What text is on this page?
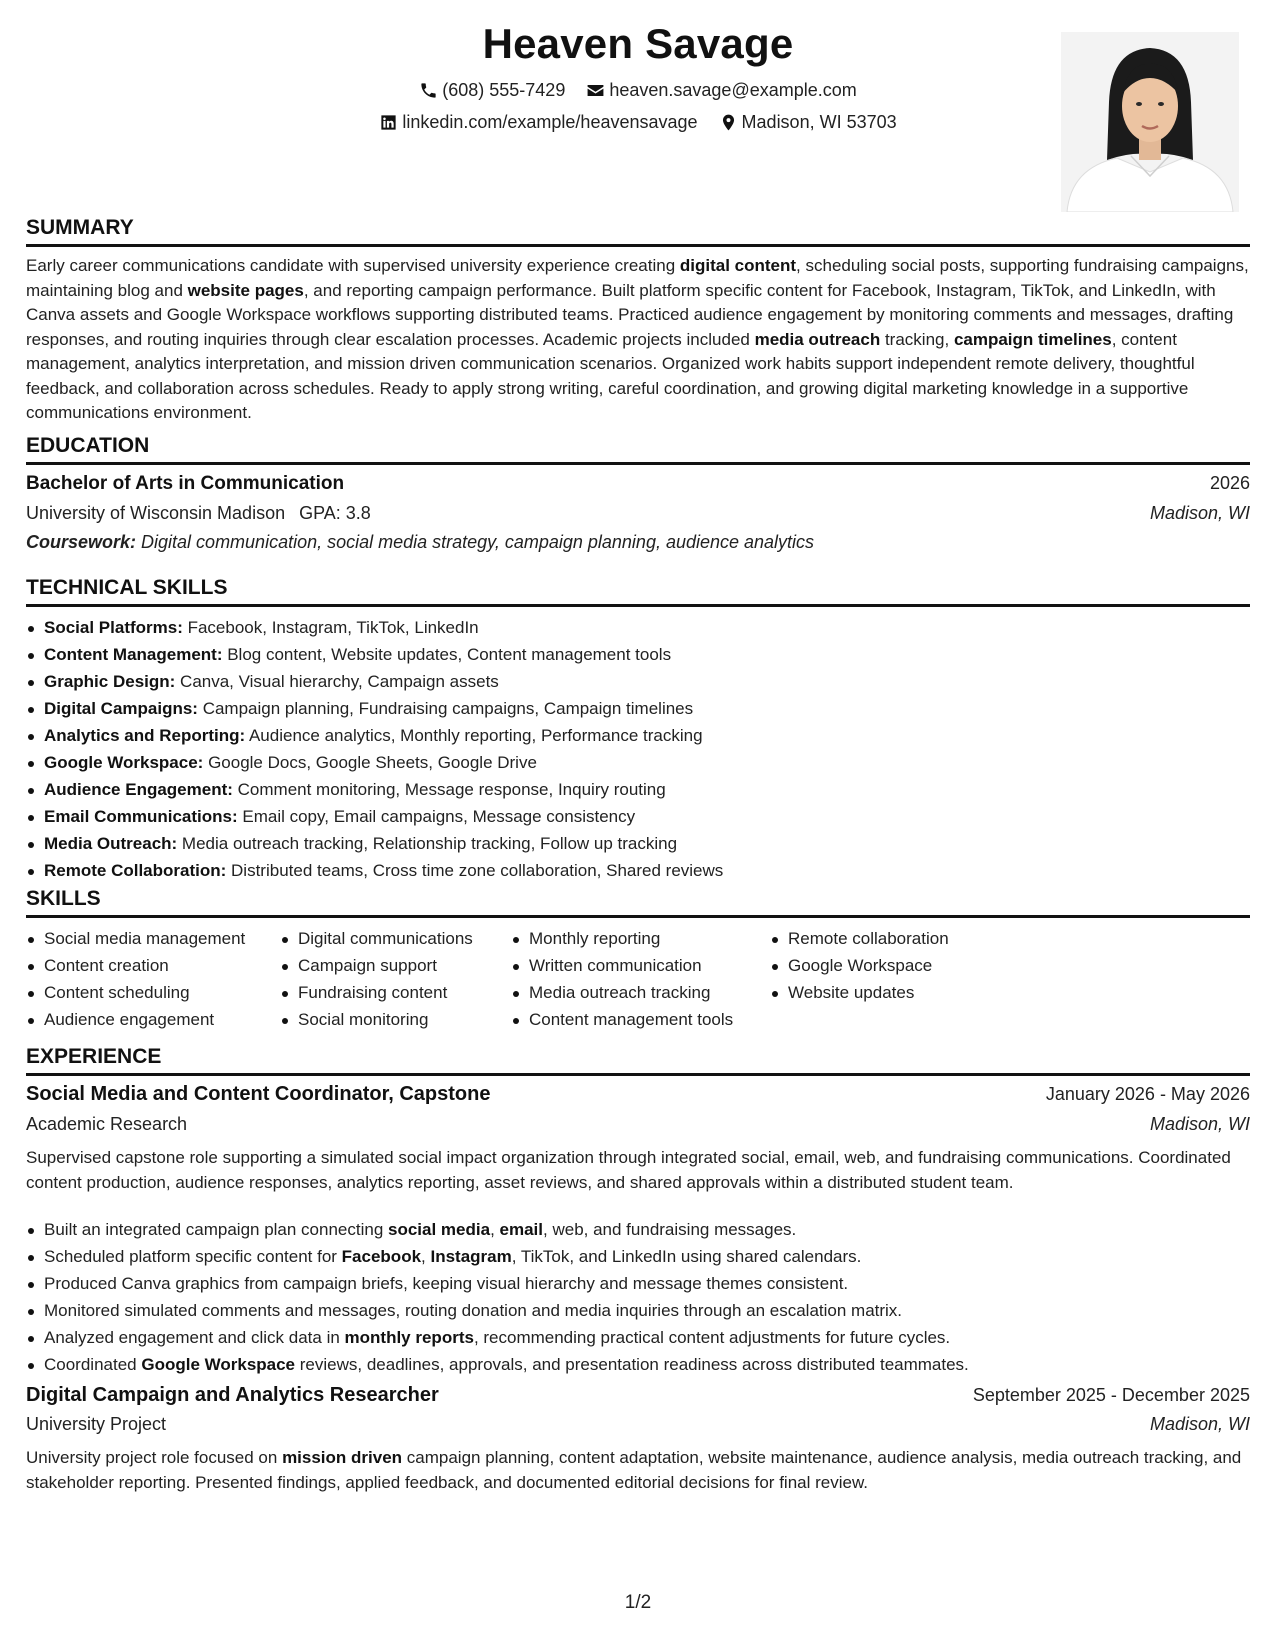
Heaven Savage
(608) 555-7429
heaven.savage@example.com
linkedin.com/example/heavensavage
Madison, WI 53703
SUMMARY
Early career communications candidate with supervised university experience creating digital content, scheduling social posts, supporting fundraising campaigns, maintaining blog and website pages, and reporting campaign performance. Built platform specific content for Facebook, Instagram, TikTok, and LinkedIn, with Canva assets and Google Workspace workflows supporting distributed teams. Practiced audience engagement by monitoring comments and messages, drafting responses, and routing inquiries through clear escalation processes. Academic projects included media outreach tracking, campaign timelines, content management, analytics interpretation, and mission driven communication scenarios. Organized work habits support independent remote delivery, thoughtful feedback, and collaboration across schedules. Ready to apply strong writing, careful coordination, and growing digital marketing knowledge in a supportive communications environment.
EDUCATION
Bachelor of Arts in Communication	2026
University of Wisconsin Madison GPA: 3.8	Madison, WI
Coursework: Digital communication, social media strategy, campaign planning, audience analytics
TECHNICAL SKILLS
Social Platforms: Facebook, Instagram, TikTok, LinkedIn
Content Management: Blog content, Website updates, Content management tools
Graphic Design: Canva, Visual hierarchy, Campaign assets
Digital Campaigns: Campaign planning, Fundraising campaigns, Campaign timelines
Analytics and Reporting: Audience analytics, Monthly reporting, Performance tracking
Google Workspace: Google Docs, Google Sheets, Google Drive
Audience Engagement: Comment monitoring, Message response, Inquiry routing
Email Communications: Email copy, Email campaigns, Message consistency
Media Outreach: Media outreach tracking, Relationship tracking, Follow up tracking
Remote Collaboration: Distributed teams, Cross time zone collaboration, Shared reviews
SKILLS
Social media management
Content creation
Content scheduling
Audience engagement
Digital communications
Campaign support
Fundraising content
Social monitoring
Monthly reporting
Written communication
Media outreach tracking
Content management tools
Remote collaboration
Google Workspace
Website updates
EXPERIENCE
Social Media and Content Coordinator, Capstone	January 2026 - May 2026
Academic Research	Madison, WI
Supervised capstone role supporting a simulated social impact organization through integrated social, email, web, and fundraising communications. Coordinated content production, audience responses, analytics reporting, asset reviews, and shared approvals within a distributed student team.
Built an integrated campaign plan connecting social media, email, web, and fundraising messages.
Scheduled platform specific content for Facebook, Instagram, TikTok, and LinkedIn using shared calendars.
Produced Canva graphics from campaign briefs, keeping visual hierarchy and message themes consistent.
Monitored simulated comments and messages, routing donation and media inquiries through an escalation matrix.
Analyzed engagement and click data in monthly reports, recommending practical content adjustments for future cycles.
Coordinated Google Workspace reviews, deadlines, approvals, and presentation readiness across distributed teammates.
Digital Campaign and Analytics Researcher	September 2025 - December 2025
University Project	Madison, WI
University project role focused on mission driven campaign planning, content adaptation, website maintenance, audience analysis, media outreach tracking, and stakeholder reporting. Presented findings, applied feedback, and documented editorial decisions for final review.
1/2
